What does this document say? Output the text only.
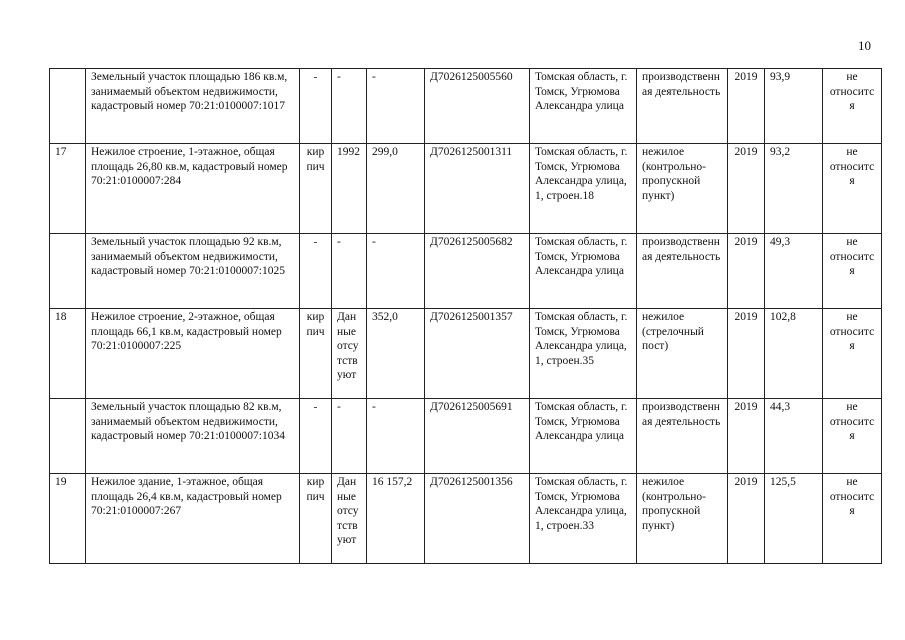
10
	Земельный участок площадью 186 кв.м, занимаемый объектом недвижимости, кадастровый номер 70:21:0100007:1017	-	-	-	Д7026125005560	Томская область, г. Томск, Угрюмова Александра улица	производственная деятельность	2019	93,9	не относится
17	Нежилое строение, 1-этажное, общая площадь 26,80 кв.м, кадастровый номер 70:21:0100007:284	кирпич	1992	299,0	Д7026125001311	Томская область, г. Томск, Угрюмова Александра улица, 1, строен.18	нежилое (контрольно-пропускной пункт)	2019	93,2	не относится
	Земельный участок площадью 92 кв.м, занимаемый объектом недвижимости, кадастровый номер 70:21:0100007:1025	-	-	-	Д7026125005682	Томская область, г. Томск, Угрюмова Александра улица	производственная деятельность	2019	49,3	не относится
18	Нежилое строение, 2-этажное, общая площадь 66,1 кв.м, кадастровый номер 70:21:0100007:225	кирпич	Данные отсутствуют	352,0	Д7026125001357	Томская область, г. Томск, Угрюмова Александра улица, 1, строен.35	нежилое (стрелочный пост)	2019	102,8	не относится
	Земельный участок площадью 82 кв.м, занимаемый объектом недвижимости, кадастровый номер 70:21:0100007:1034	-	-	-	Д7026125005691	Томская область, г. Томск, Угрюмова Александра улица	производственная деятельность	2019	44,3	не относится
19	Нежилое здание, 1-этажное, общая площадь 26,4 кв.м, кадастровый номер 70:21:0100007:267	кирпич	Данные отсутствуют	16 157,2	Д7026125001356	Томская область, г. Томск, Угрюмова Александра улица, 1, строен.33	нежилое (контрольно-пропускной пункт)	2019	125,5	не относится
